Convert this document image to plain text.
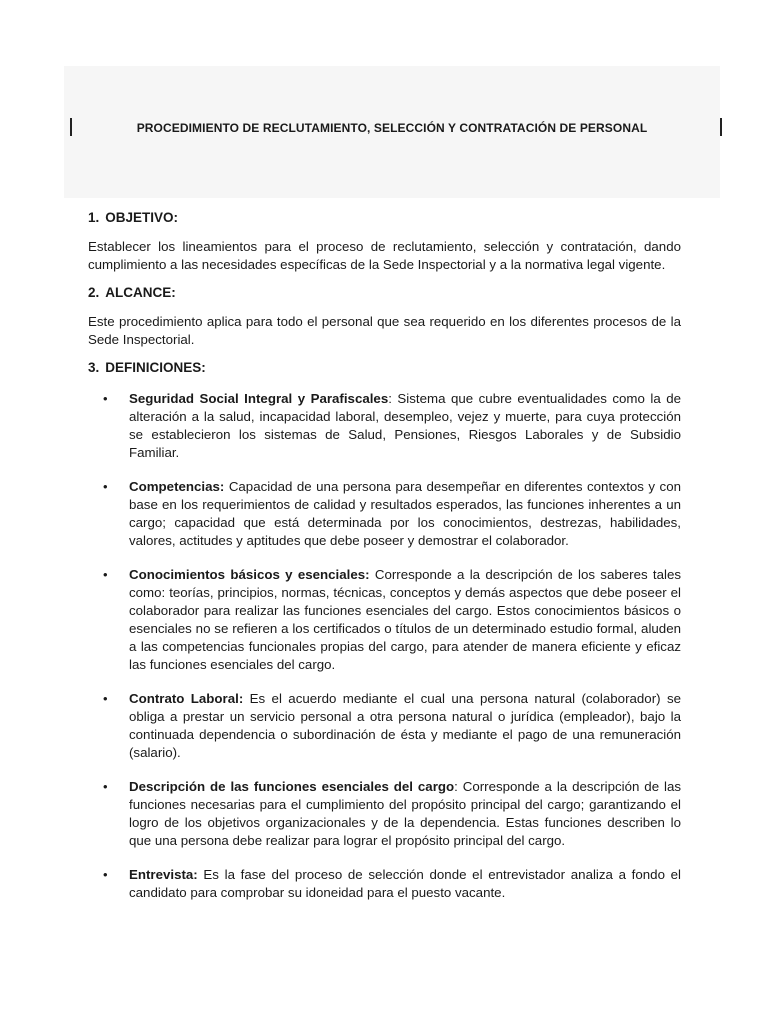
PROCEDIMIENTO DE RECLUTAMIENTO, SELECCIÓN Y CONTRATACIÓN DE PERSONAL
1. OBJETIVO:

Establecer los lineamientos para el proceso de reclutamiento, selección y contratación, dando cumplimiento a las necesidades específicas de la Sede Inspectorial y a la normativa legal vigente.

2. ALCANCE:

Este procedimiento aplica para todo el personal que sea requerido en los diferentes procesos de la Sede Inspectorial.

3. DEFINICIONES:
• Seguridad Social Integral y Parafiscales: Sistema que cubre eventualidades como la de alteración a la salud, incapacidad laboral, desempleo, vejez y muerte, para cuya protección se establecieron los sistemas de Salud, Pensiones, Riesgos Laborales y de Subsidio Familiar.
• Competencias: Capacidad de una persona para desempeñar en diferentes contextos y con base en los requerimientos de calidad y resultados esperados, las funciones inherentes a un cargo; capacidad que está determinada por los conocimientos, destrezas, habilidades, valores, actitudes y aptitudes que debe poseer y demostrar el colaborador.
• Conocimientos básicos y esenciales: Corresponde a la descripción de los saberes tales como: teorías, principios, normas, técnicas, conceptos y demás aspectos que debe poseer el colaborador para realizar las funciones esenciales del cargo. Estos conocimientos básicos o esenciales no se refieren a los certificados o títulos de un determinado estudio formal, aluden a las competencias funcionales propias del cargo, para atender de manera eficiente y eficaz las funciones esenciales del cargo.
• Contrato Laboral: Es el acuerdo mediante el cual una persona natural (colaborador) se obliga a prestar un servicio personal a otra persona natural o jurídica (empleador), bajo la continuada dependencia o subordinación de ésta y mediante el pago de una remuneración (salario).
• Descripción de las funciones esenciales del cargo: Corresponde a la descripción de las funciones necesarias para el cumplimiento del propósito principal del cargo; garantizando el logro de los objetivos organizacionales y de la dependencia. Estas funciones describen lo que una persona debe realizar para lograr el propósito principal del cargo.
• Entrevista: Es la fase del proceso de selección donde el entrevistador analiza a fondo el candidato para comprobar su idoneidad para el puesto vacante.
